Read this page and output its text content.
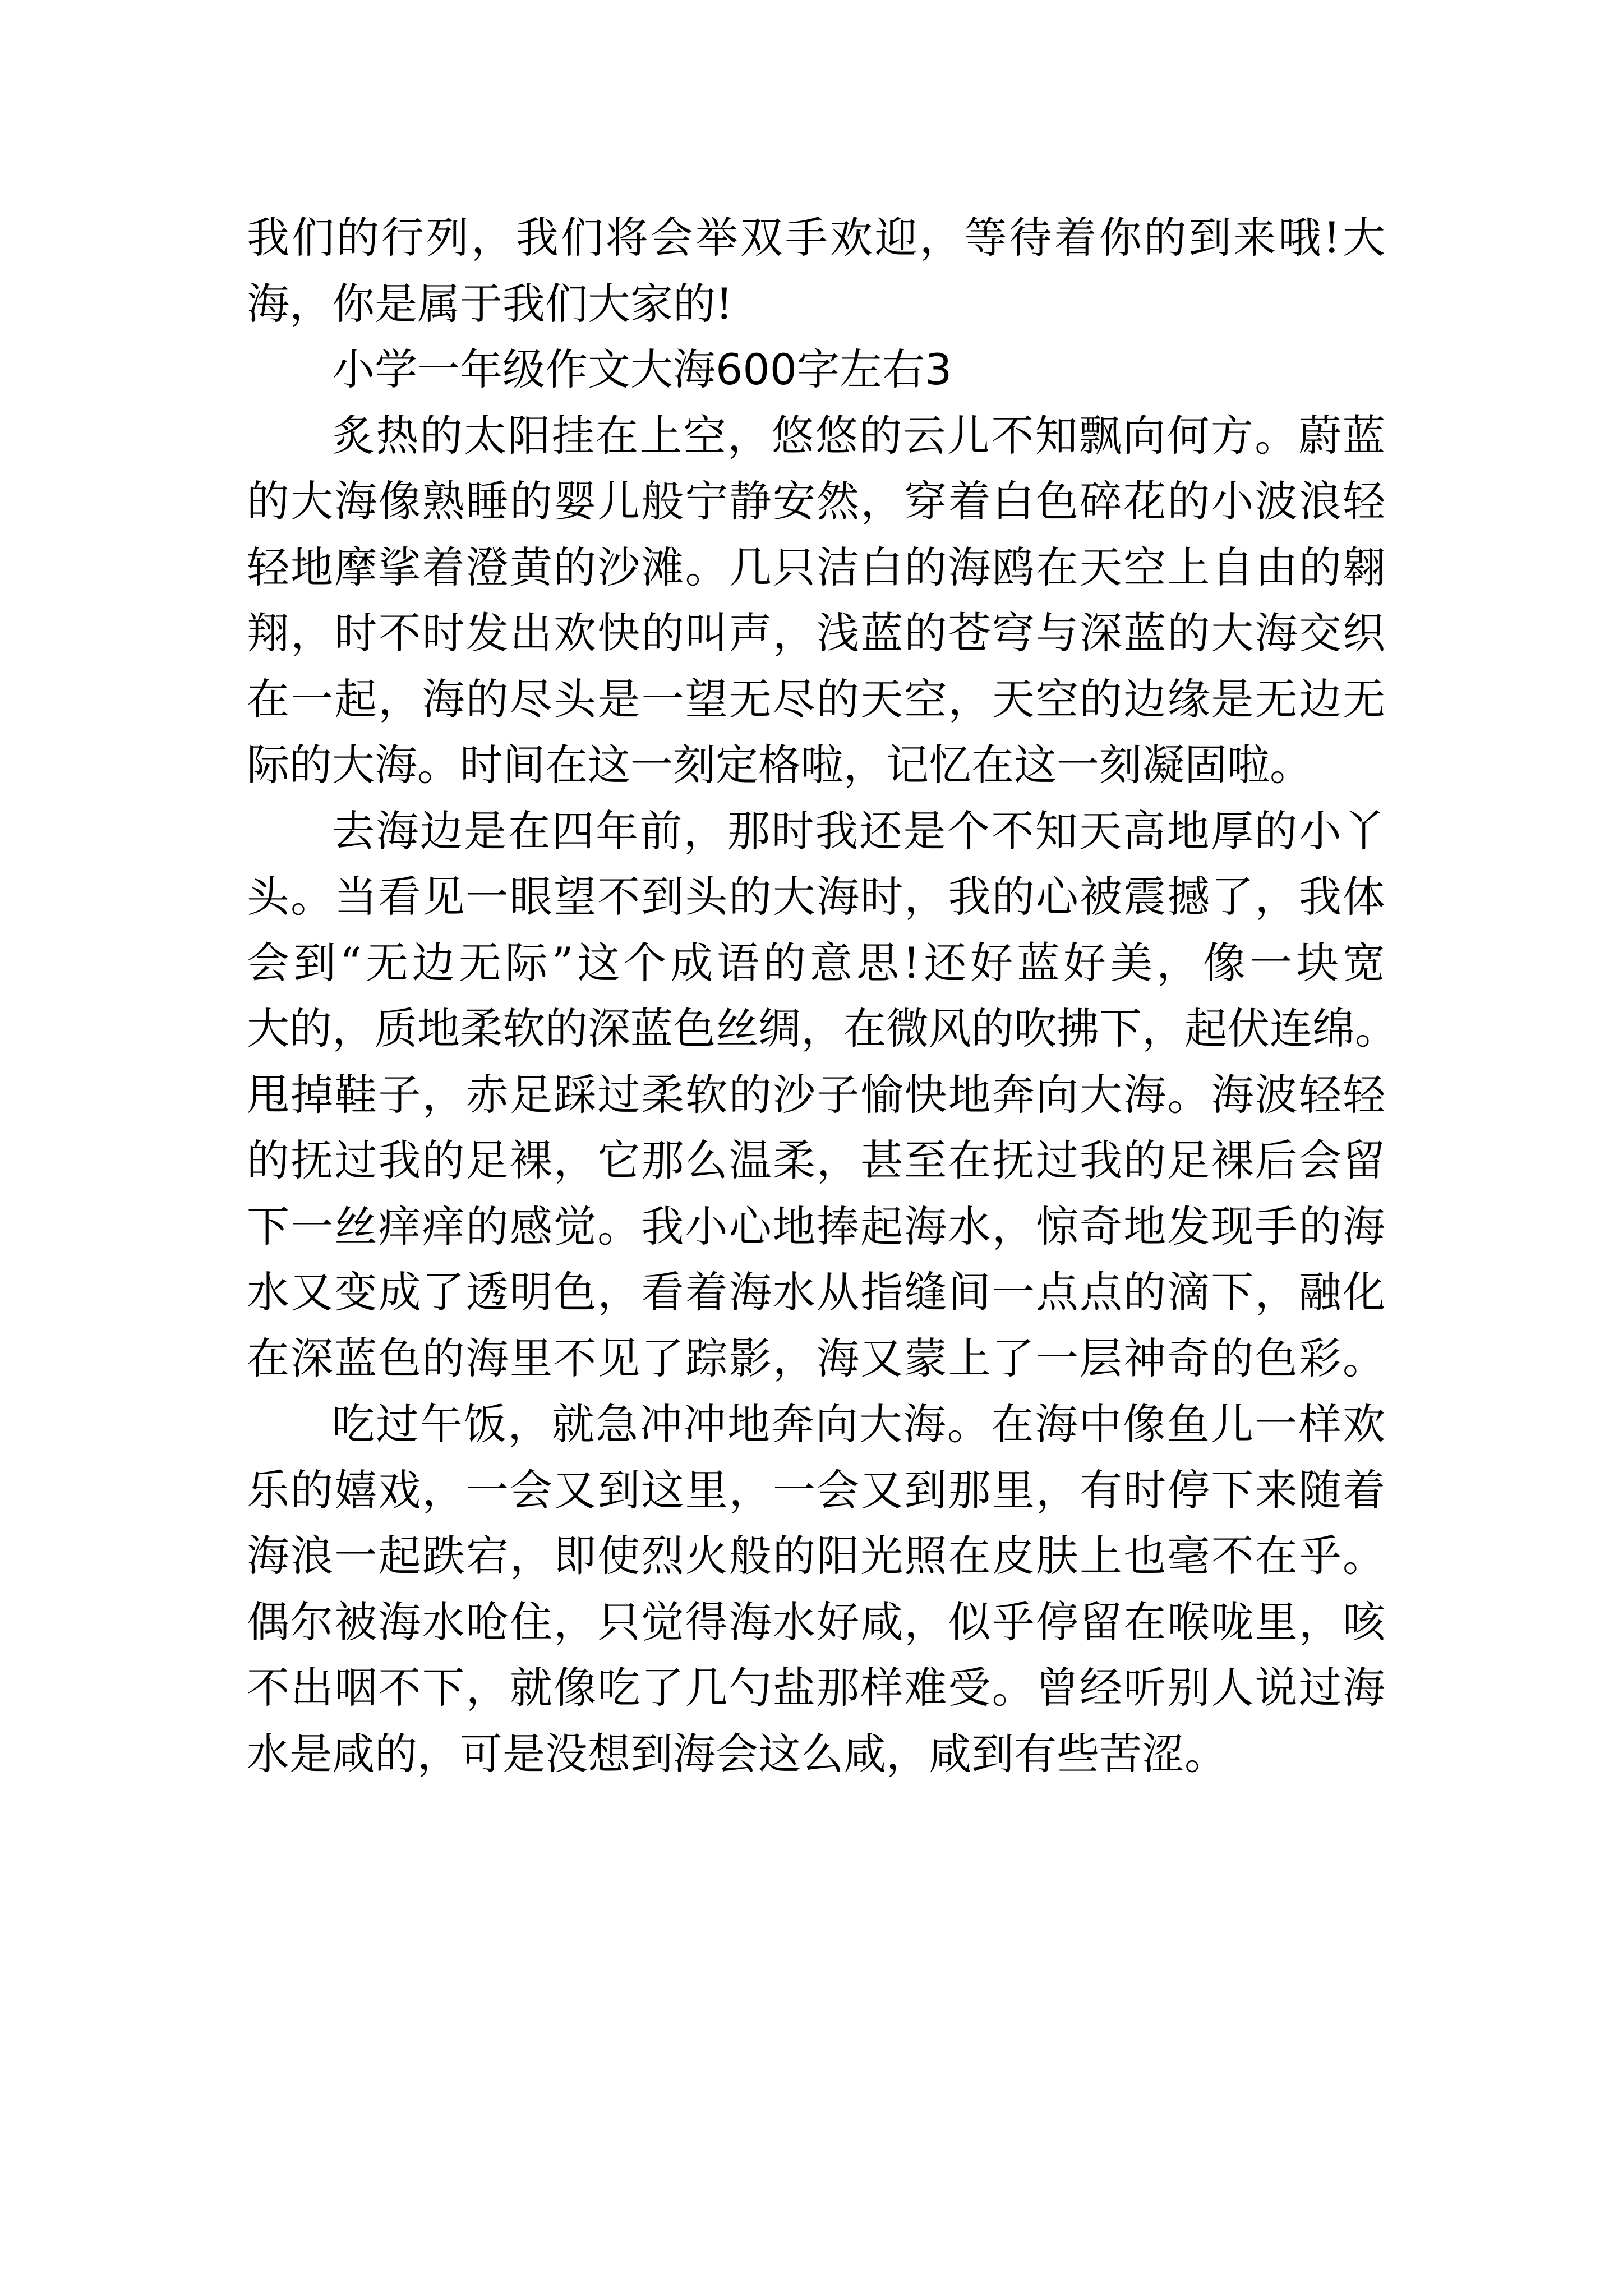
我们的行列，我们将会举双手欢迎，等待着你的到来哦!大
海，你是属于我们大家的!
小学一年级作文大海600字左右3
炙热的太阳挂在上空，悠悠的云儿不知飘向何方。蔚蓝
的大海像熟睡的婴儿般宁静安然，穿着白色碎花的小波浪轻
轻地摩挲着澄黄的沙滩。几只洁白的海鸥在天空上自由的翱
翔，时不时发出欢快的叫声，浅蓝的苍穹与深蓝的大海交织
在一起，海的尽头是一望无尽的天空，天空的边缘是无边无
际的大海。时间在这一刻定格啦，记忆在这一刻凝固啦。
去海边是在四年前，那时我还是个不知天高地厚的小丫
头。当看见一眼望不到头的大海时，我的心被震撼了，我体
会到“无边无际”这个成语的意思!还好蓝好美，像一块宽
大的，质地柔软的深蓝色丝绸，在微风的吹拂下，起伏连绵。
甩掉鞋子，赤足踩过柔软的沙子愉快地奔向大海。海波轻轻
的抚过我的足裸，它那么温柔，甚至在抚过我的足裸后会留
下一丝痒痒的感觉。我小心地捧起海水，惊奇地发现手的海
水又变成了透明色，看着海水从指缝间一点点的滴下，融化
在深蓝色的海里不见了踪影，海又蒙上了一层神奇的色彩。
吃过午饭，就急冲冲地奔向大海。在海中像鱼儿一样欢
乐的嬉戏，一会又到这里，一会又到那里，有时停下来随着
海浪一起跌宕，即使烈火般的阳光照在皮肤上也毫不在乎。
偶尔被海水呛住，只觉得海水好咸，似乎停留在喉咙里，咳
不出咽不下，就像吃了几勺盐那样难受。曾经听别人说过海
水是咸的，可是没想到海会这么咸，咸到有些苦涩。
